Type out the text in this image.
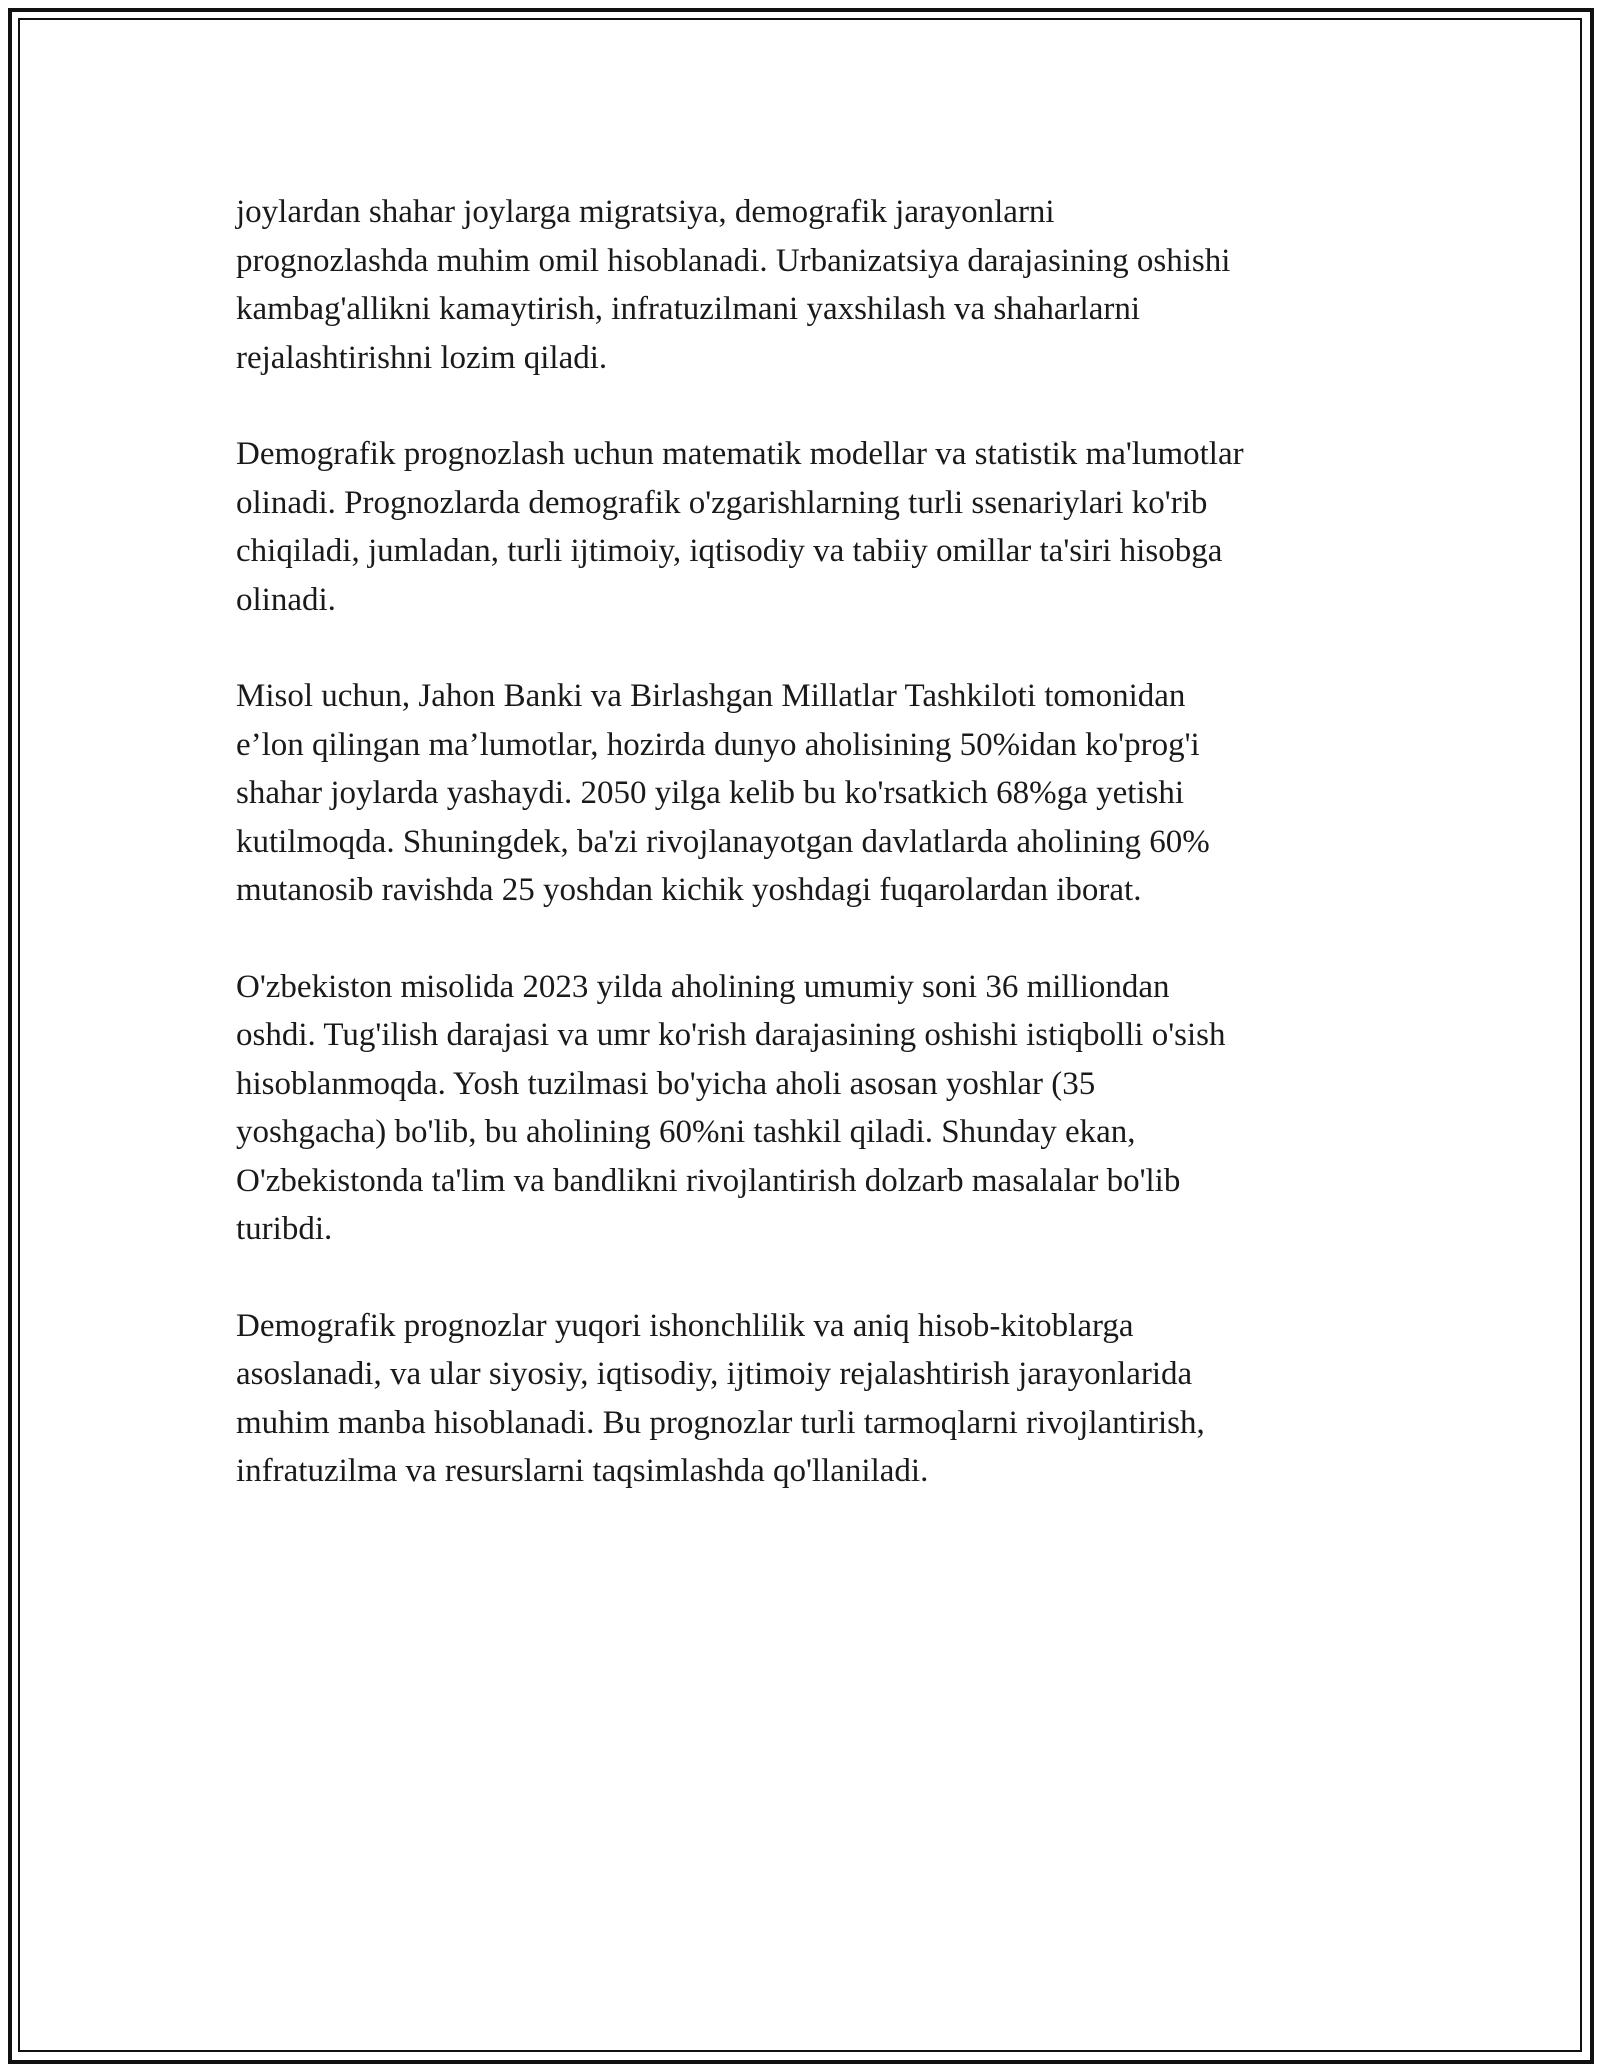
joylardan shahar joylarga migratsiya, demografik jarayonlarni
prognozlashda muhim omil hisoblanadi. Urbanizatsiya darajasining oshishi
kambag'allikni kamaytirish, infratuzilmani yaxshilash va shaharlarni
rejalashtirishni lozim qiladi.

Demografik prognozlash uchun matematik modellar va statistik ma'lumotlar
olinadi. Prognozlarda demografik o'zgarishlarning turli ssenariylari ko'rib
chiqiladi, jumladan, turli ijtimoiy, iqtisodiy va tabiiy omillar ta'siri hisobga
olinadi.

Misol uchun, Jahon Banki va Birlashgan Millatlar Tashkiloti tomonidan
e’lon qilingan ma’lumotlar, hozirda dunyo aholisining 50%idan ko'prog'i
shahar joylarda yashaydi. 2050 yilga kelib bu ko'rsatkich 68%ga yetishi
kutilmoqda. Shuningdek, ba'zi rivojlanayotgan davlatlarda aholining 60%
mutanosib ravishda 25 yoshdan kichik yoshdagi fuqarolardan iborat.

O'zbekiston misolida 2023 yilda aholining umumiy soni 36 milliondan
oshdi. Tug'ilish darajasi va umr ko'rish darajasining oshishi istiqbolli o'sish
hisoblanmoqda. Yosh tuzilmasi bo'yicha aholi asosan yoshlar (35
yoshgacha) bo'lib, bu aholining 60%ni tashkil qiladi. Shunday ekan,
O'zbekistonda ta'lim va bandlikni rivojlantirish dolzarb masalalar bo'lib
turibdi.

Demografik prognozlar yuqori ishonchlilik va aniq hisob-kitoblarga
asoslanadi, va ular siyosiy, iqtisodiy, ijtimoiy rejalashtirish jarayonlarida
muhim manba hisoblanadi. Bu prognozlar turli tarmoqlarni rivojlantirish,
infratuzilma va resurslarni taqsimlashda qo'llaniladi.
